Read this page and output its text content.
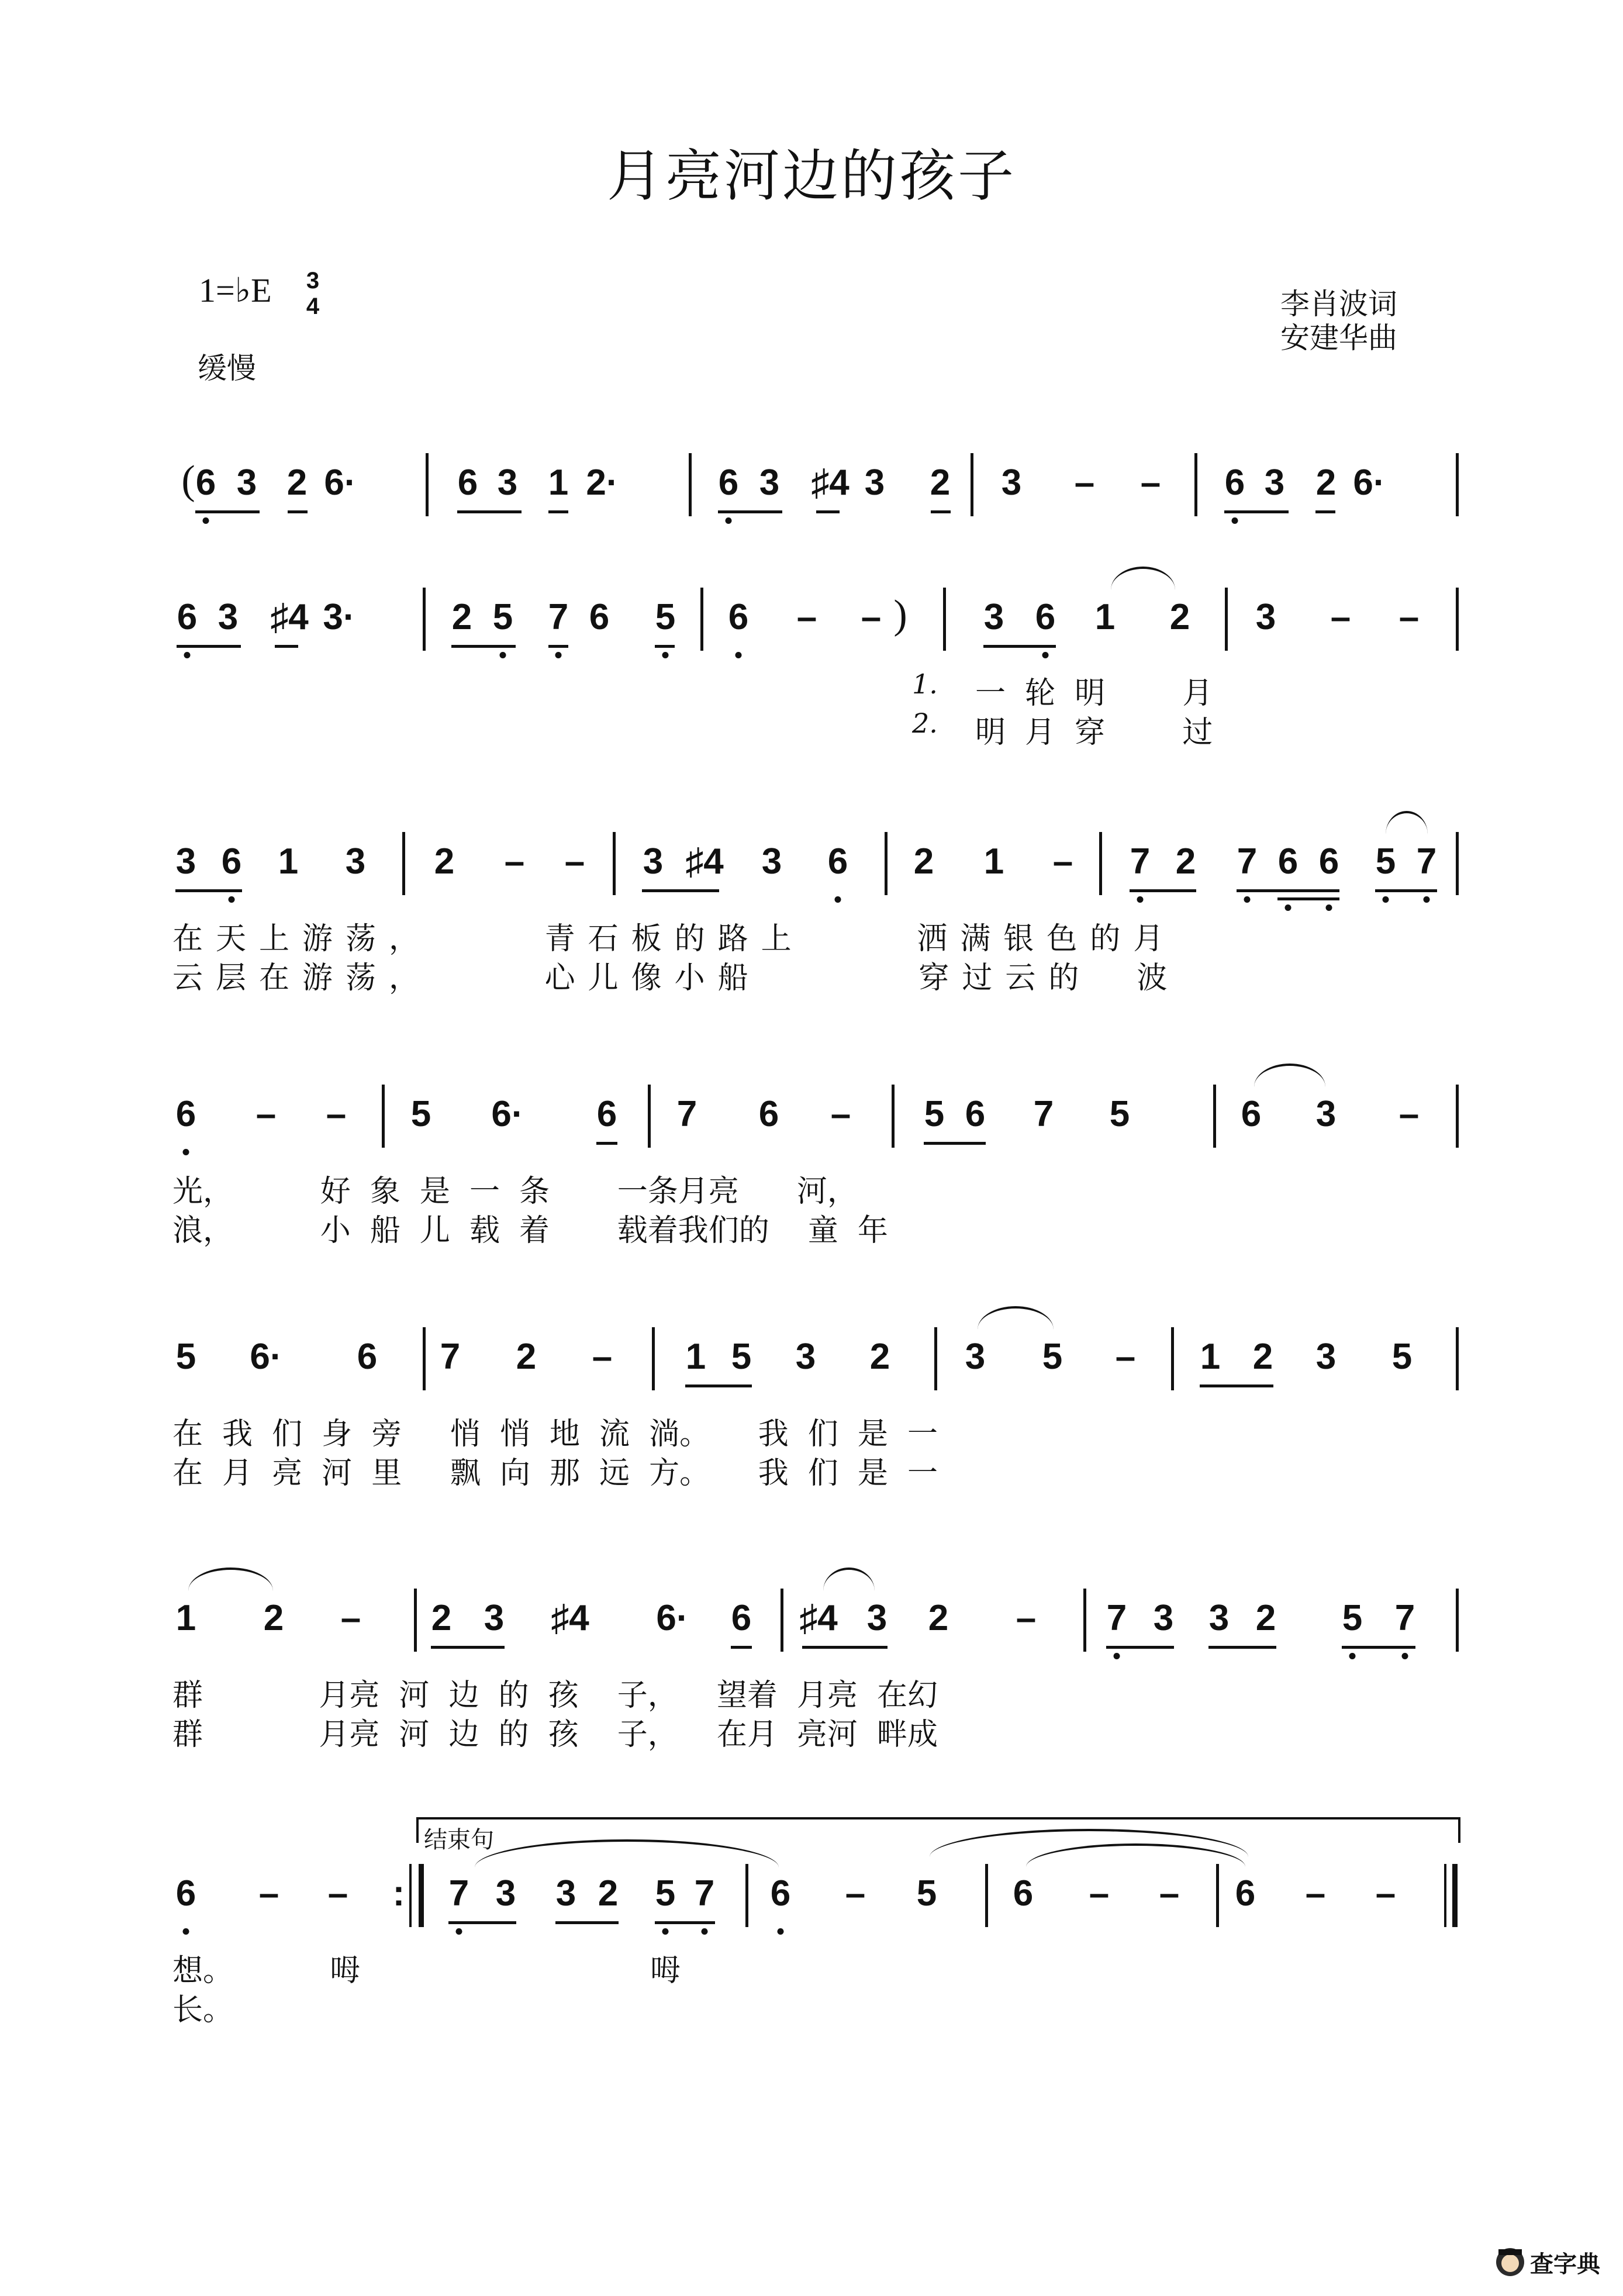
月亮河边的孩子
1=♭E 3
4
缓慢
李肖波词
安建华曲
( 6 3 2 6·	6 3 1 2·	6 3 ♯4 3 2 3 – – 6 3 2 6·
6 3 ♯4 3·	2 5 7 6 5 6 – – ) 3 6 1 2 3 – –
1.
2.
一  轮  明        月
明  月  穿        过
3 6 1 3 2 – – 3 ♯4 3 6 2 1 – 7 2 7 6 6 5 7
在天上游荡，     青石板的路上     洒满银色的月
云层在游荡，     心儿像小船       穿过云的  波
6 – – 5 6· 6 7 6 – 5 6 7 5	6 3 –
光，         好  象  是  一  条       一条月亮      河，
浪，         小  船  儿  载  着       载着我们的    童  年
5 6· 6 7 2 – 1 5 3 2 3 5 – 1 2 3 5
在  我  们  身  旁     悄  悄  地  流  淌。     我  们  是  一
在  月  亮  河  里     飘  向  那  远  方。     我  们  是  一
1 2 – 2 3 ♯4 6· 6 ♯4 3 2 – 7 3 3 2 5 7
群            月亮  河  边  的  孩    子，    望着  月亮  在幻
群            月亮  河  边  的  孩    子，    在月  亮河  畔成
结束句
6 – – : 7 3 3 2 5 7 6 – 5 6 – – 6 – –
想。          呣                              呣
长。
查字典
